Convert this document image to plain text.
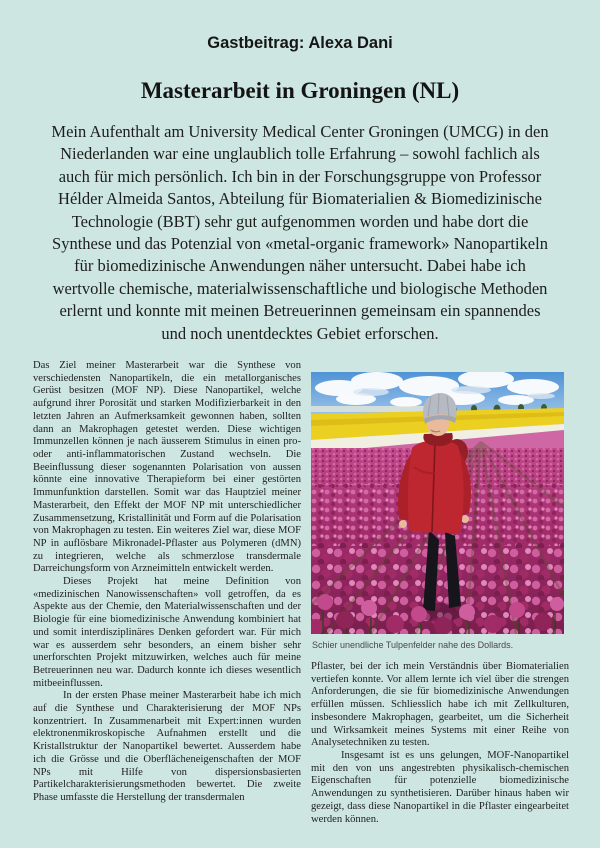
Gastbeitrag: Alexa Dani
Masterarbeit in Groningen (NL)

Mein Aufenthalt am University Medical Center Groningen (UMCG) in den Niederlanden war eine unglaublich tolle Erfahrung – sowohl fachlich als auch für mich persönlich. Ich bin in der Forschungsgruppe von Professor Hélder Almeida Santos, Abteilung für Biomaterialien & Biomedizinische Technologie (BBT) sehr gut aufgenommen worden und habe dort die Synthese und das Potenzial von «metal-organic framework» Nanopartikeln für biomedizinische Anwendungen näher untersucht. Dabei habe ich wertvolle chemische, materialwissenschaftliche und biologische Methoden erlernt und konnte mit meinen Betreuerinnen gemeinsam ein spannendes und noch unentdecktes Gebiet erforschen.

Das Ziel meiner Masterarbeit war die Synthese von verschiedensten Nanopartikeln, die ein metallorganisches Gerüst besitzen (MOF NP). Diese Nanopartikel, welche aufgrund ihrer Porosität und starken Modifizierbarkeit in den letzten Jahren an Aufmerksamkeit gewonnen haben, sollten dann an Makrophagen getestet werden. Diese wichtigen Immunzellen können je nach äusserem Stimulus in einen pro- oder anti-inflammatorischen Zustand wechseln. Die Beeinflussung dieser sogenannten Polarisation von aussen könnte eine innovative Therapieform bei einer gestörten Immunfunktion darstellen. Somit war das Hauptziel meiner Masterarbeit, den Effekt der MOF NP mit unterschiedlicher Zusammensetzung, Kristallinität und Form auf die Polarisation von Makrophagen zu testen. Ein weiteres Ziel war, diese MOF NP in auflösbare Mikronadel-Pflaster aus Polymeren (dMN) zu integrieren, welche als schmerzlose transdermale Darreichungsform von Arzneimitteln entwickelt werden.

Dieses Projekt hat meine Definition von «medizinischen Nanowissenschaften» voll getroffen, da es Aspekte aus der Chemie, den Materialwissenschaften und der Biologie für eine biomedizinische Anwendung kombiniert hat und somit interdisziplinäres Denken gefordert war. Für mich war es ausserdem sehr besonders, an einem bisher sehr unerforschten Projekt mitzuwirken, welches auch für meine Betreuerinnen neu war. Dadurch konnte ich dieses wesentlich mitbeeinflussen.

In der ersten Phase meiner Masterarbeit habe ich mich auf die Synthese und Charakterisierung der MOF NPs konzentriert. In Zusammenarbeit mit Expert:innen wurden elektronenmikroskopische Aufnahmen erstellt und die Kristallstruktur der Nanopartikel bewertet. Ausserdem habe ich die Grösse und die Oberflächeneigenschaften der MOF NPs mit Hilfe von dispersionsbasierten Partikelcharakterisierungsmethoden bewertet. Die zweite Phase umfasste die Herstellung der transdermalen

Schier unendliche Tulpenfelder nahe des Dollards.

Pflaster, bei der ich mein Verständnis über Biomaterialien vertiefen konnte. Vor allem lernte ich viel über die strengen Anforderungen, die sie für biomedizinische Anwendungen erfüllen müssen. Schliesslich habe ich mit Zellkulturen, insbesondere Makrophagen, gearbeitet, um die Sicherheit und Wirksamkeit meines Systems mit einer Reihe von Analysetechniken zu testen.

Insgesamt ist es uns gelungen, MOF-Nanopartikel mit den von uns angestrebten physikalisch-chemischen Eigenschaften für potenzielle biomedizinische Anwendungen zu synthetisieren. Darüber hinaus haben wir gezeigt, dass diese Nanopartikel in die Pflaster eingearbeitet werden können.
